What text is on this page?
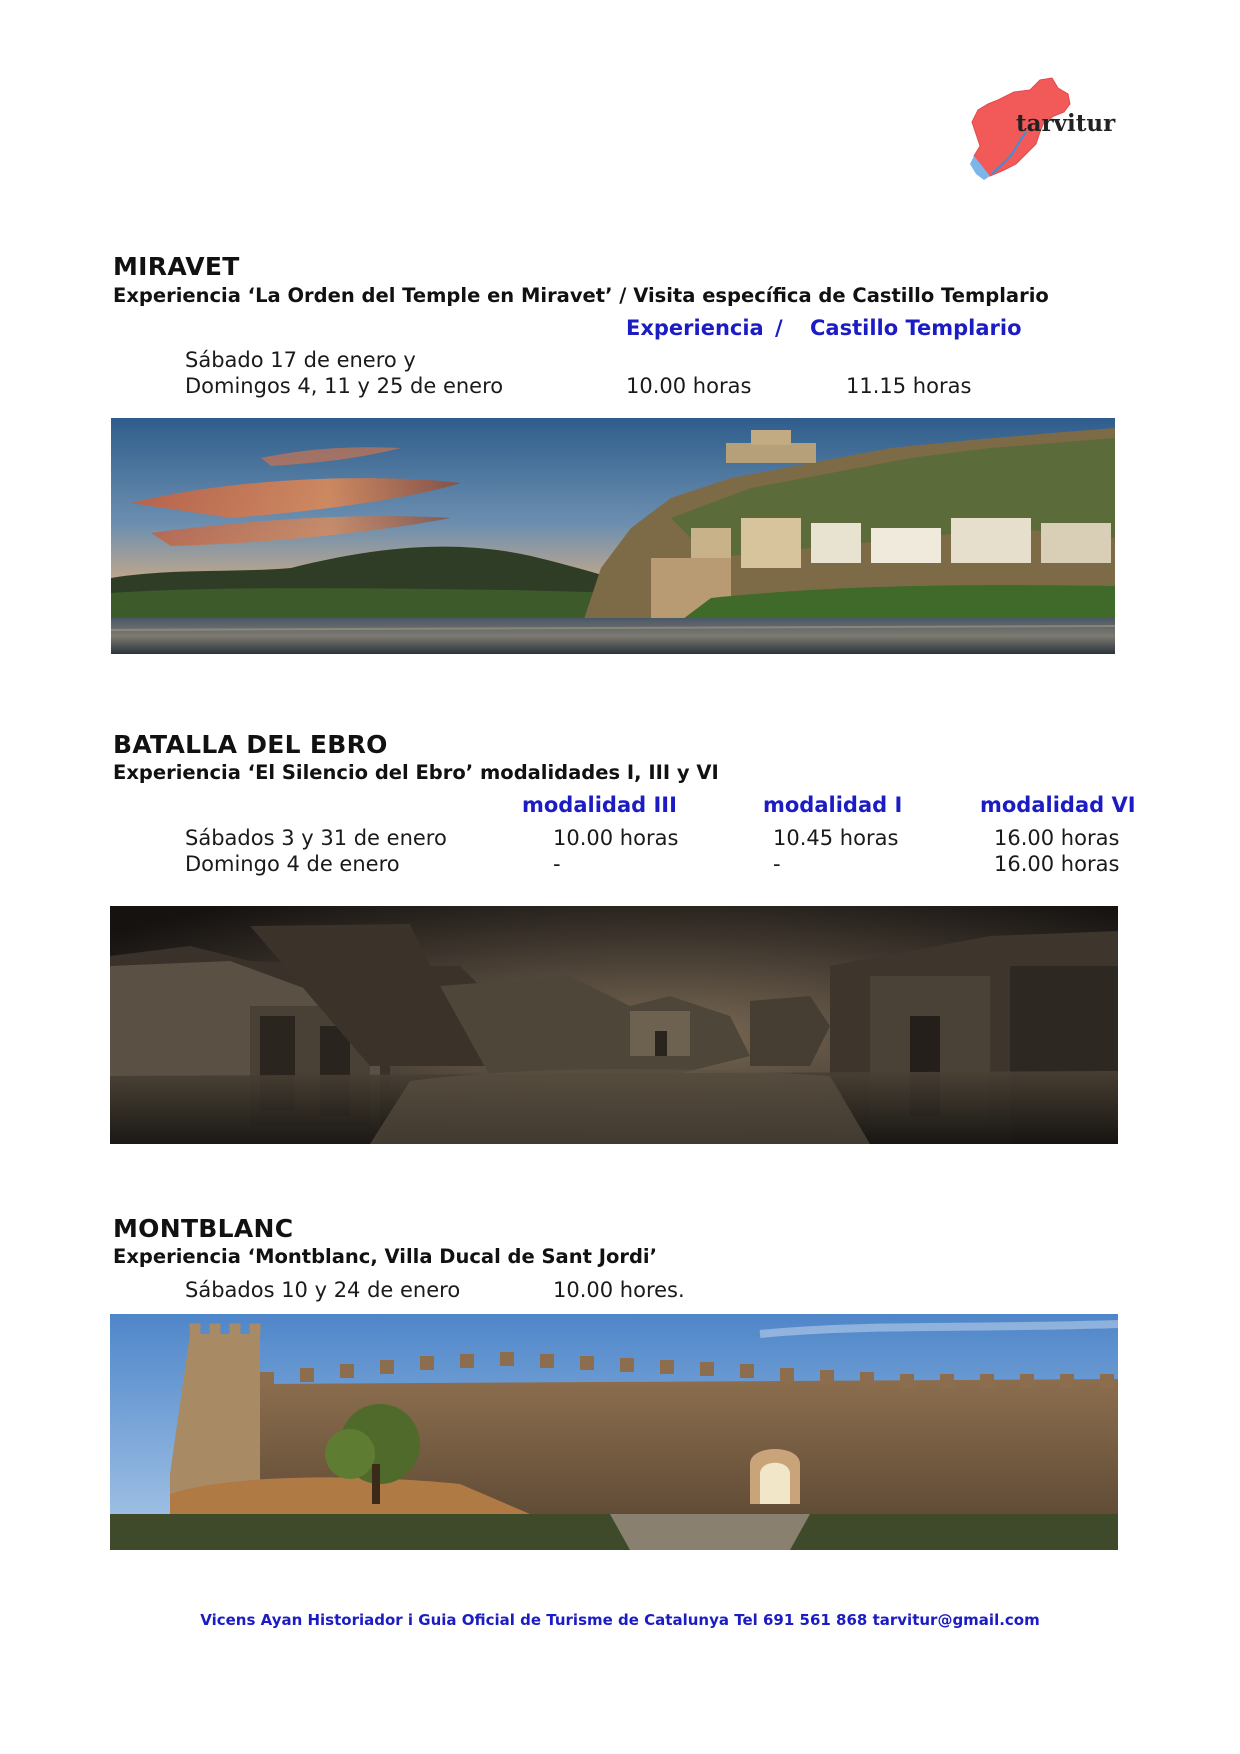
tarvitur
MIRAVET
Experiencia ‘La Orden del Temple en Miravet’ / Visita específica de Castillo Templario
Experiencia / Castillo Templario
Sábado 17 de enero y
Domingos 4, 11 y 25 de enero	10.00 horas	11.15 horas
BATALLA DEL EBRO
Experiencia ‘El Silencio del Ebro’ modalidades I, III y VI
modalidad III	modalidad I	modalidad VI
Sábados 3 y 31 de enero	10.00 horas	10.45 horas	16.00 horas
Domingo 4 de enero	-	-	16.00 horas
MONTBLANC
Experiencia ‘Montblanc, Villa Ducal de Sant Jordi’
Sábados 10 y 24 de enero	10.00 hores.
Vicens Ayan Historiador i Guia Oficial de Turisme de Catalunya Tel 691 561 868 tarvitur@gmail.com
